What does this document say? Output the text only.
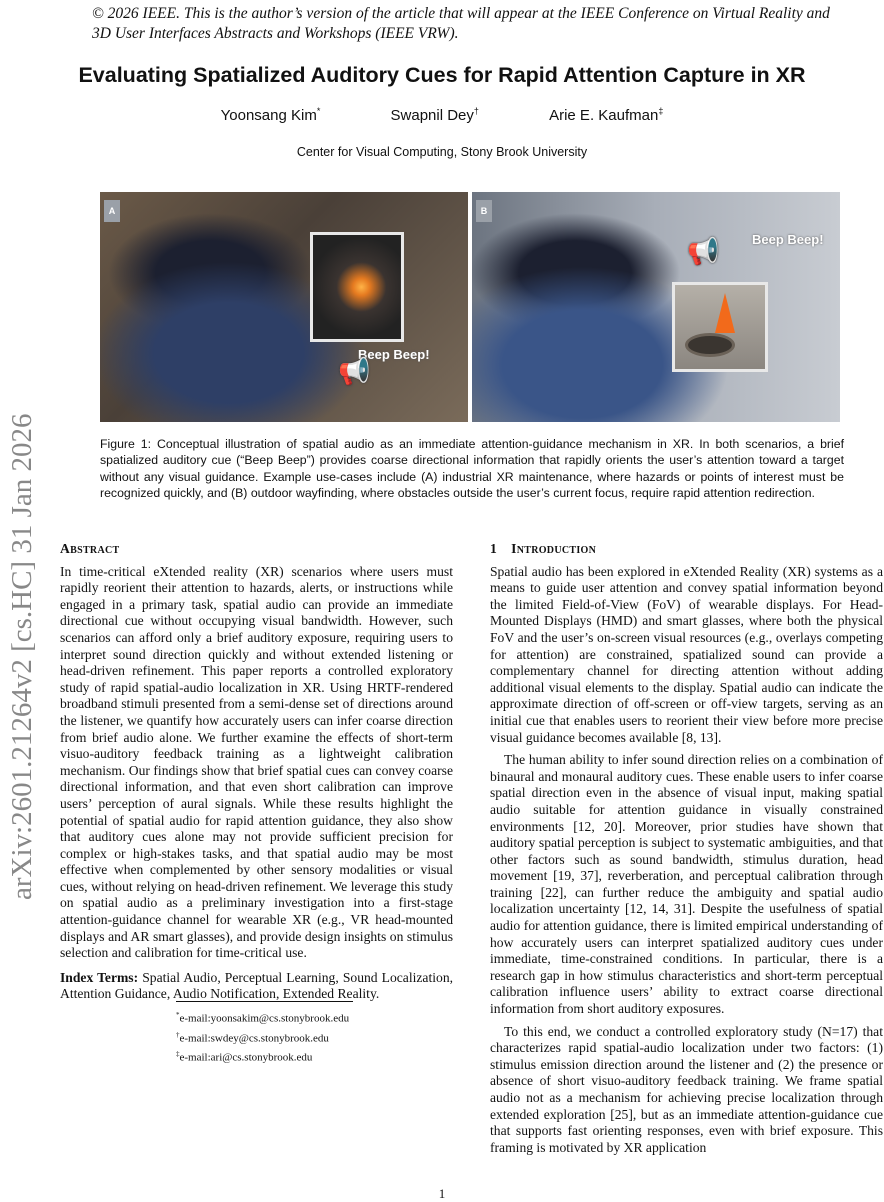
© 2026 IEEE. This is the author’s version of the article that will appear at the IEEE Conference on Virtual Reality and 3D User Interfaces Abstracts and Workshops (IEEE VRW).
Evaluating Spatialized Auditory Cues for Rapid Attention Capture in XR
Yoonsang Kim*	Swapnil Dey†	Arie E. Kaufman‡
Center for Visual Computing, Stony Brook University
arXiv:2601.21264v2 [cs.HC] 31 Jan 2026
A
Beep Beep!
📢
B
Beep Beep!
📢
Figure 1: Conceptual illustration of spatial audio as an immediate attention-guidance mechanism in XR. In both scenarios, a brief spatialized auditory cue (“Beep Beep”) provides coarse directional information that rapidly orients the user’s attention toward a target without any visual guidance. Example use-cases include (A) industrial XR maintenance, where hazards or points of interest must be recognized quickly, and (B) outdoor wayfinding, where obstacles outside the user’s current focus, require rapid attention redirection.
Abstract

In time-critical eXtended reality (XR) scenarios where users must rapidly reorient their attention to hazards, alerts, or instructions while engaged in a primary task, spatial audio can provide an immediate directional cue without occupying visual bandwidth. However, such scenarios can afford only a brief auditory exposure, requiring users to interpret sound direction quickly and without extended listening or head-driven refinement. This paper reports a controlled exploratory study of rapid spatial-audio localization in XR. Using HRTF-rendered broadband stimuli presented from a semi-dense set of directions around the listener, we quantify how accurately users can infer coarse direction from brief audio alone. We further examine the effects of short-term visuo-auditory feedback training as a lightweight calibration mechanism. Our findings show that brief spatial cues can convey coarse directional information, and that even short calibration can improve users’ perception of aural signals. While these results highlight the potential of spatial audio for rapid attention guidance, they also show that auditory cues alone may not provide sufficient precision for complex or high-stakes tasks, and that spatial audio may be most effective when complemented by other sensory modalities or visual cues, without relying on head-driven refinement. We leverage this study on spatial audio as a preliminary investigation into a first-stage attention-guidance channel for wearable XR (e.g., VR head-mounted displays and AR smart glasses), and provide design insights on stimulus selection and calibration for time-critical use.

Index Terms: Spatial Audio, Perceptual Learning, Sound Localization, Attention Guidance, Audio Notification, Extended Reality.

*e-mail:yoonsakim@cs.stonybrook.edu
†e-mail:swdey@cs.stonybrook.edu
‡e-mail:ari@cs.stonybrook.edu
1 Introduction

Spatial audio has been explored in eXtended Reality (XR) systems as a means to guide user attention and convey spatial information beyond the limited Field-of-View (FoV) of wearable displays. For Head-Mounted Displays (HMD) and smart glasses, where both the physical FoV and the user’s on-screen visual resources (e.g., overlays competing for attention) are constrained, spatialized sound can provide a complementary channel for directing attention without adding additional visual elements to the display. Spatial audio can indicate the approximate direction of off-screen or off-view targets, serving as an initial cue that enables users to reorient their view before more precise visual guidance becomes available [8, 13].

The human ability to infer sound direction relies on a combination of binaural and monaural auditory cues. These enable users to infer coarse spatial direction even in the absence of visual input, making spatial audio suitable for attention guidance in visually constrained environments [12, 20]. Moreover, prior studies have shown that auditory spatial perception is subject to systematic ambiguities, and that other factors such as sound bandwidth, stimulus duration, head movement [19, 37], reverberation, and perceptual calibration through training [22], can further reduce the ambiguity and spatial audio localization uncertainty [12, 14, 31]. Despite the usefulness of spatial audio for attention guidance, there is limited empirical understanding of how accurately users can interpret spatialized auditory cues under immediate, time-constrained conditions. In particular, there is a research gap in how stimulus characteristics and short-term perceptual calibration influence users’ ability to extract coarse directional information from short auditory exposures.

To this end, we conduct a controlled exploratory study (N=17) that characterizes rapid spatial-audio localization under two factors: (1) stimulus emission direction around the listener and (2) the presence or absence of short visuo-auditory feedback training. We frame spatial audio not as a mechanism for achieving precise localization through extended exploration [25], but as an immediate attention-guidance cue that supports fast orienting responses, even with brief exposure. This framing is motivated by XR application

1
